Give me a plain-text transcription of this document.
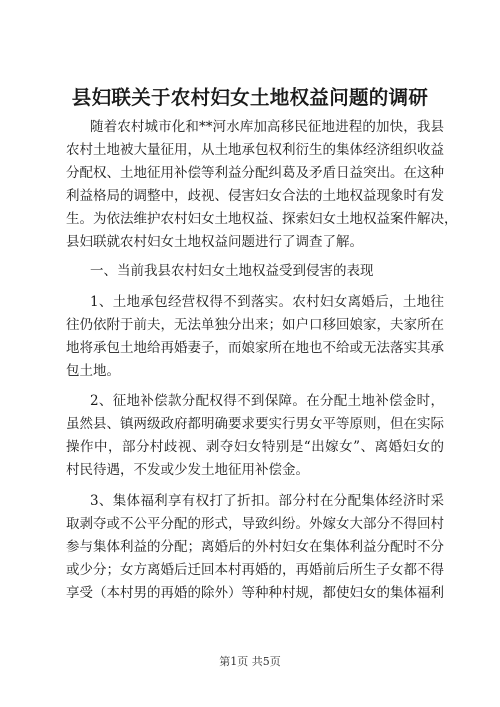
县妇联关于农村妇女土地权益问题的调研
随着农村城市化和**河水库加高移民征地进程的加快，我县
农村土地被大量征用，从土地承包权利衍生的集体经济组织收益
分配权、土地征用补偿等利益分配纠葛及矛盾日益突出。在这种
利益格局的调整中，歧视、侵害妇女合法的土地权益现象时有发
生。为依法维护农村妇女土地权益、探索妇女土地权益案件解决，
县妇联就农村妇女土地权益问题进行了调查了解。
一、当前我县农村妇女土地权益受到侵害的表现
1、土地承包经营权得不到落实。农村妇女离婚后，土地往
往仍依附于前夫，无法单独分出来；如户口移回娘家，夫家所在
地将承包土地给再婚妻子，而娘家所在地也不给或无法落实其承
包土地。
2、征地补偿款分配权得不到保障。在分配土地补偿金时，
虽然县、镇两级政府都明确要求要实行男女平等原则，但在实际
操作中，部分村歧视、剥夺妇女特别是“出嫁女”、离婚妇女的
村民待遇，不发或少发土地征用补偿金。
3、集体福利享有权打了折扣。部分村在分配集体经济时采
取剥夺或不公平分配的形式，导致纠纷。外嫁女大部分不得回村
参与集体利益的分配；离婚后的外村妇女在集体利益分配时不分
或少分；女方离婚后迁回本村再婚的，再婚前后所生子女都不得
享受（本村男的再婚的除外）等种种村规，都使妇女的集体福利
第1页 共5页
